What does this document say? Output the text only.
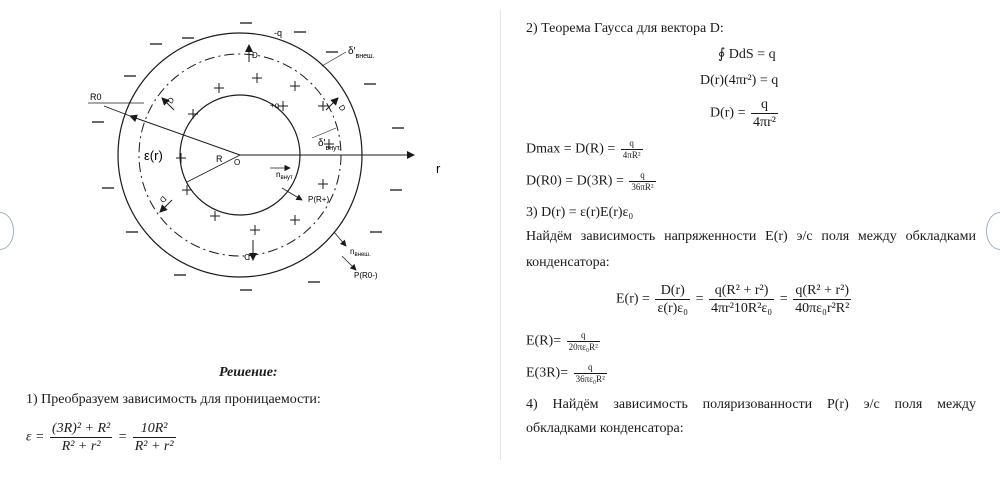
-q
+q
R0
R O	r
ε(r)
D
D
D
D
D
$\delta'_{внеш.}$
$\delta'_{внут.}$
$n_{внут}$
P(R+)
$n_{внеш.}$
P(R0-)
Решение:
1) Преобразуем зависимость для проницаемости:
$\varepsilon = \frac{\text{(3R)² + R²}}{\text{R² + r²}} = \frac{\text{10R²}}{\text{R² + r²}}$
2) Теорема Гаусса для вектора D:
∮ DdS = q
D(r)(4πr²) = q
$D(r) = \frac{q}{\text{4πr²}}$
$Dmax = D(R) = \frac{q}{\text{4πR²}}$
$D(R0) = D(3R) = \frac{q}{\text{36πR²}}$
3) D(r) = ε(r)E(r)ε₀
Найдём зависимость напряженности E(r) э/с поля между обкладками
конденсатора:
$E(r) = \frac{D(r)}{\text{ε(r)ε₀}} = \frac{\text{q(R² + r²)}}{\text{4πr²10R²ε₀}} = \frac{\text{q(R² + r²)}}{\text{40πε₀r²R²}}$
$E(R)= \frac{q}{\text{20πε₀R²}}$
$E(3R)= \frac{q}{\text{36πε₀R²}}$
4) Найдём зависимость поляризованности P(r) э/с поля между
обкладками конденсатора:
